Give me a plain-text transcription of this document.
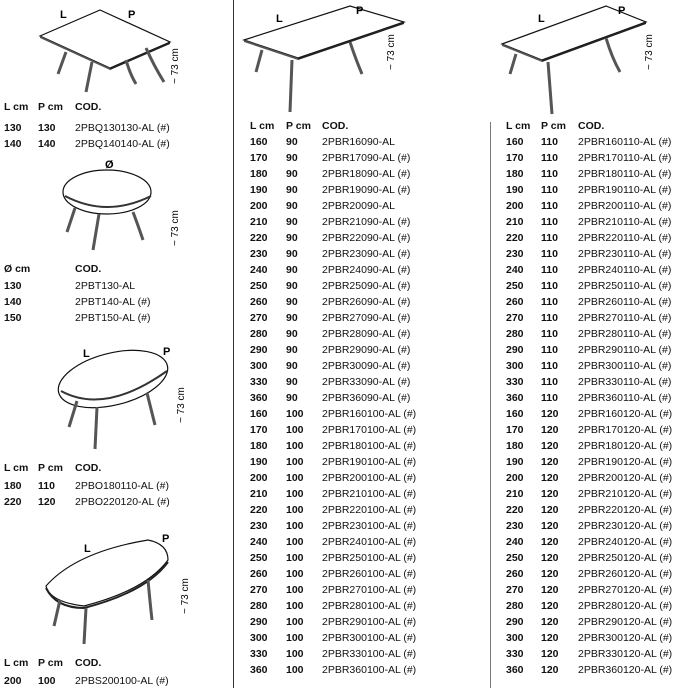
L	P
~ 73 cm
L cm P cm COD.
130 130 2PBQ130130-AL (#)
140 140 2PBQ140140-AL (#)
Ø
~ 73 cm
Ø cm	COD.
130	2PBT130-AL
140	2PBT140-AL (#)
150	2PBT150-AL (#)
L	P
~ 73 cm
L cm P cm COD.
180 110 2PBO180110-AL (#)
220 120 2PBO220120-AL (#)
L
P
~ 73 cm
L cm P cm COD.
200 100 2PBS200100-AL (#)
L
P
~ 73 cm
L cm P cm COD.
160 90 2PBR16090-AL
170 90 2PBR17090-AL (#)
180 90 2PBR18090-AL (#)
190 90 2PBR19090-AL (#)
200 90 2PBR20090-AL
210 90 2PBR21090-AL (#)
220 90 2PBR22090-AL (#)
230 90 2PBR23090-AL (#)
240 90 2PBR24090-AL (#)
250 90 2PBR25090-AL (#)
260 90 2PBR26090-AL (#)
270 90 2PBR27090-AL (#)
280 90 2PBR28090-AL (#)
290 90 2PBR29090-AL (#)
300 90 2PBR30090-AL (#)
330 90 2PBR33090-AL (#)
360 90 2PBR36090-AL (#)
160 100 2PBR160100-AL (#)
170 100 2PBR170100-AL (#)
180 100 2PBR180100-AL (#)
190 100 2PBR190100-AL (#)
200 100 2PBR200100-AL (#)
210 100 2PBR210100-AL (#)
220 100 2PBR220100-AL (#)
230 100 2PBR230100-AL (#)
240 100 2PBR240100-AL (#)
250 100 2PBR250100-AL (#)
260 100 2PBR260100-AL (#)
270 100 2PBR270100-AL (#)
280 100 2PBR280100-AL (#)
290 100 2PBR290100-AL (#)
300 100 2PBR300100-AL (#)
330 100 2PBR330100-AL (#)
360 100 2PBR360100-AL (#)
L
P
~ 73 cm
L cm P cm COD.
160 110 2PBR160110-AL (#)
170 110 2PBR170110-AL (#)
180 110 2PBR180110-AL (#)
190 110 2PBR190110-AL (#)
200 110 2PBR200110-AL (#)
210 110 2PBR210110-AL (#)
220 110 2PBR220110-AL (#)
230 110 2PBR230110-AL (#)
240 110 2PBR240110-AL (#)
250 110 2PBR250110-AL (#)
260 110 2PBR260110-AL (#)
270 110 2PBR270110-AL (#)
280 110 2PBR280110-AL (#)
290 110 2PBR290110-AL (#)
300 110 2PBR300110-AL (#)
330 110 2PBR330110-AL (#)
360 110 2PBR360110-AL (#)
160 120 2PBR160120-AL (#)
170 120 2PBR170120-AL (#)
180 120 2PBR180120-AL (#)
190 120 2PBR190120-AL (#)
200 120 2PBR200120-AL (#)
210 120 2PBR210120-AL (#)
220 120 2PBR220120-AL (#)
230 120 2PBR230120-AL (#)
240 120 2PBR240120-AL (#)
250 120 2PBR250120-AL (#)
260 120 2PBR260120-AL (#)
270 120 2PBR270120-AL (#)
280 120 2PBR280120-AL (#)
290 120 2PBR290120-AL (#)
300 120 2PBR300120-AL (#)
330 120 2PBR330120-AL (#)
360 120 2PBR360120-AL (#)
